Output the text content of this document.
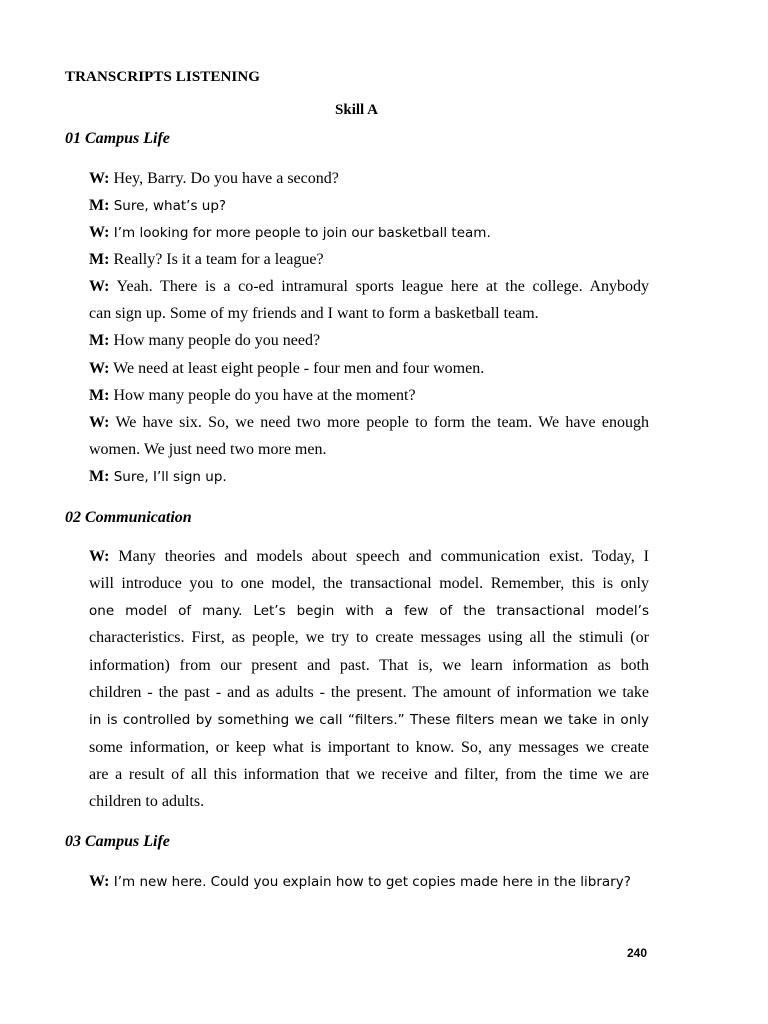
TRANSCRIPTS LISTENING
Skill A
01 Campus Life
W: Hey, Barry. Do you have a second?
M: Sure, what’s up?
W: I’m looking for more people to join our basketball team.
M: Really? Is it a team for a league?
W: Yeah. There is a co-ed intramural sports league here at the college. Anybody
can sign up. Some of my friends and I want to form a basketball team.
M: How many people do you need?
W: We need at least eight people - four men and four women.
M: How many people do you have at the moment?
W: We have six. So, we need two more people to form the team. We have enough
women. We just need two more men.
M: Sure, I’ll sign up.
02 Communication
W: Many theories and models about speech and communication exist. Today, I
will introduce you to one model, the transactional model. Remember, this is only
one model of many. Let’s begin with a few of the transactional model’s
characteristics. First, as people, we try to create messages using all the stimuli (or
information) from our present and past. That is, we learn information as both
children - the past - and as adults - the present. The amount of information we take
in is controlled by something we call “filters.” These filters mean we take in only
some information, or keep what is important to know. So, any messages we create
are a result of all this information that we receive and filter, from the time we are
children to adults.
03 Campus Life
W: I’m new here. Could you explain how to get copies made here in the library?
240
